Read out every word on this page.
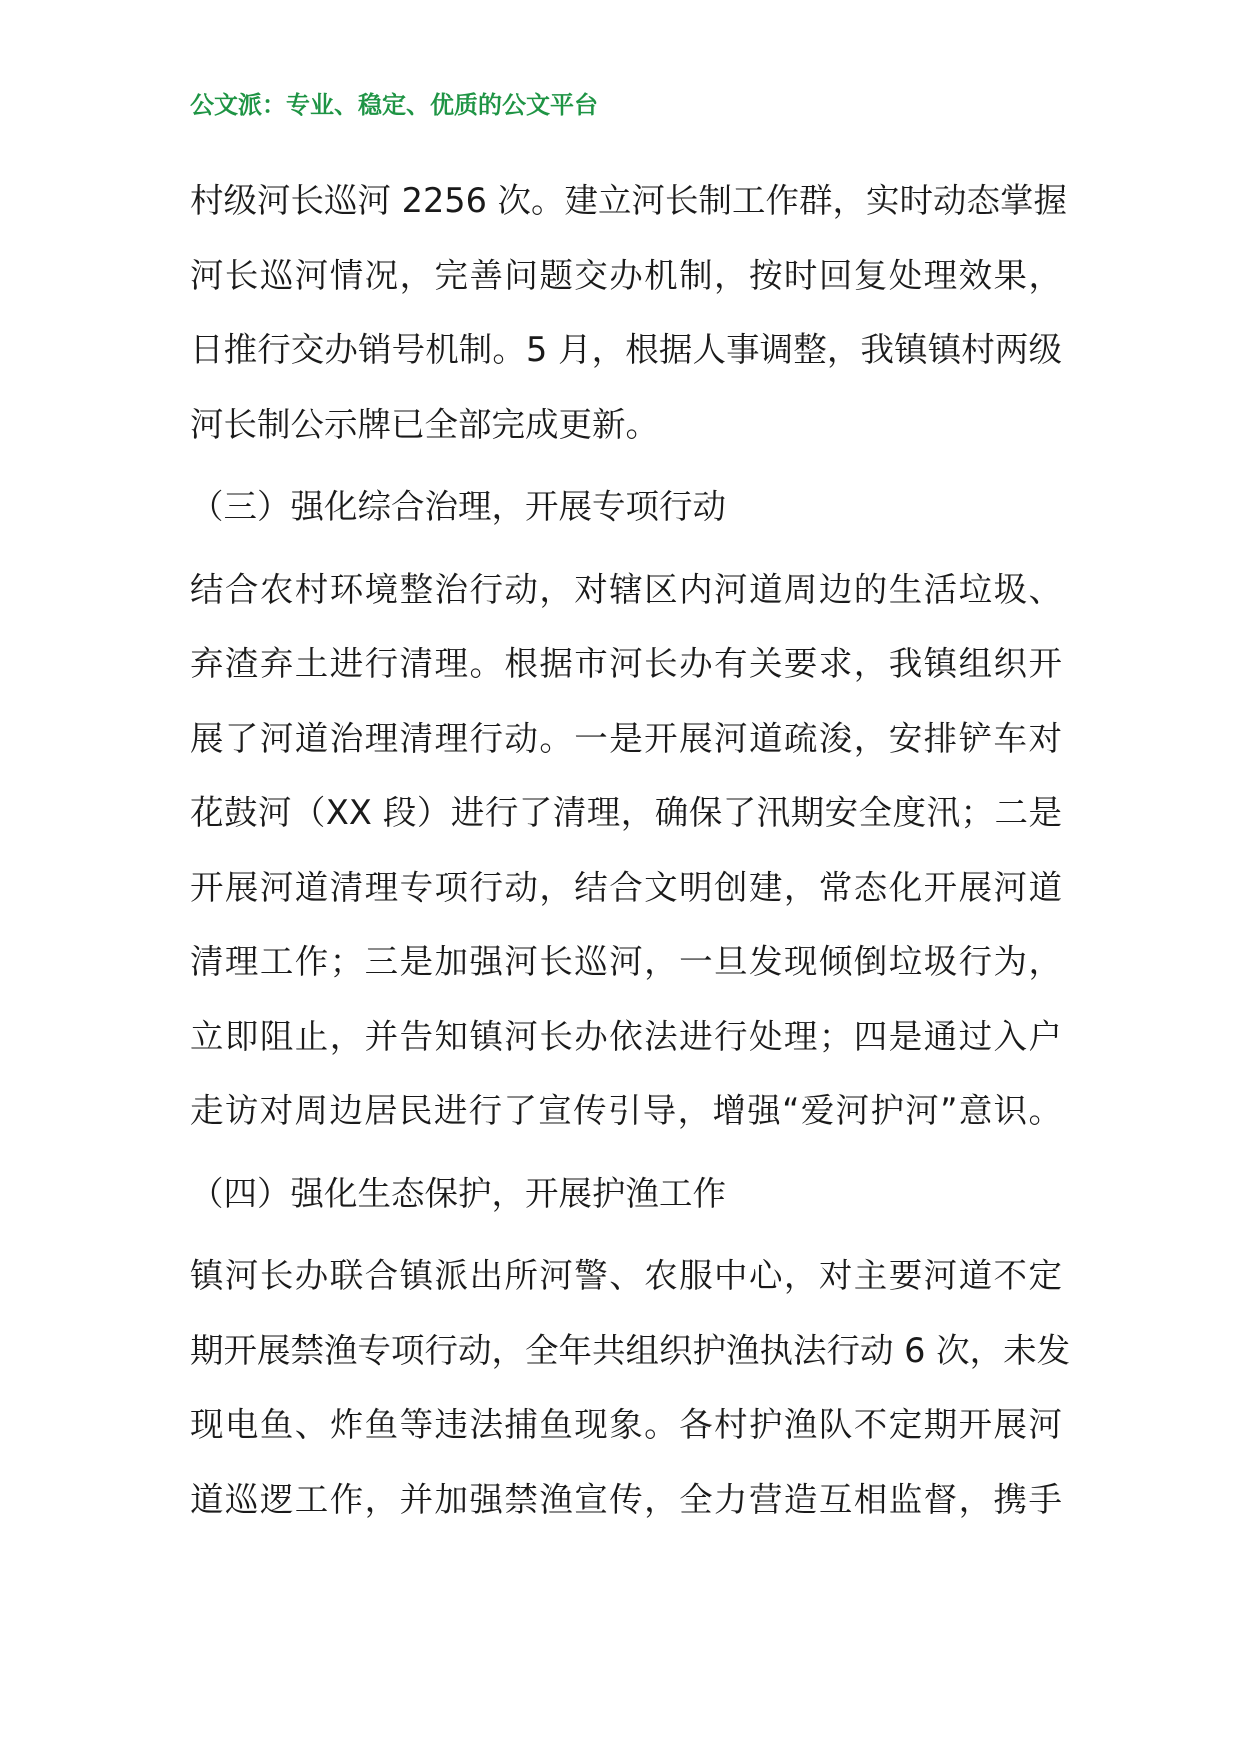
公文派：专业、稳定、优质的公文平台
村级河长巡河 2256 次。建立河长制工作群，实时动态掌握
河长巡河情况，完善问题交办机制，按时回复处理效果，
日推行交办销号机制。5 月，根据人事调整，我镇镇村两级
河长制公示牌已全部完成更新。
（三）强化综合治理，开展专项行动
结合农村环境整治行动，对辖区内河道周边的生活垃圾、
弃渣弃土进行清理。根据市河长办有关要求，我镇组织开
展了河道治理清理行动。一是开展河道疏浚，安排铲车对
花鼓河（XX 段）进行了清理，确保了汛期安全度汛；二是
开展河道清理专项行动，结合文明创建，常态化开展河道
清理工作；三是加强河长巡河，一旦发现倾倒垃圾行为，
立即阻止，并告知镇河长办依法进行处理；四是通过入户
走访对周边居民进行了宣传引导，增强“爱河护河”意识。
（四）强化生态保护，开展护渔工作
镇河长办联合镇派出所河警、农服中心，对主要河道不定
期开展禁渔专项行动，全年共组织护渔执法行动 6 次，未发
现电鱼、炸鱼等违法捕鱼现象。各村护渔队不定期开展河
道巡逻工作，并加强禁渔宣传，全力营造互相监督，携手
